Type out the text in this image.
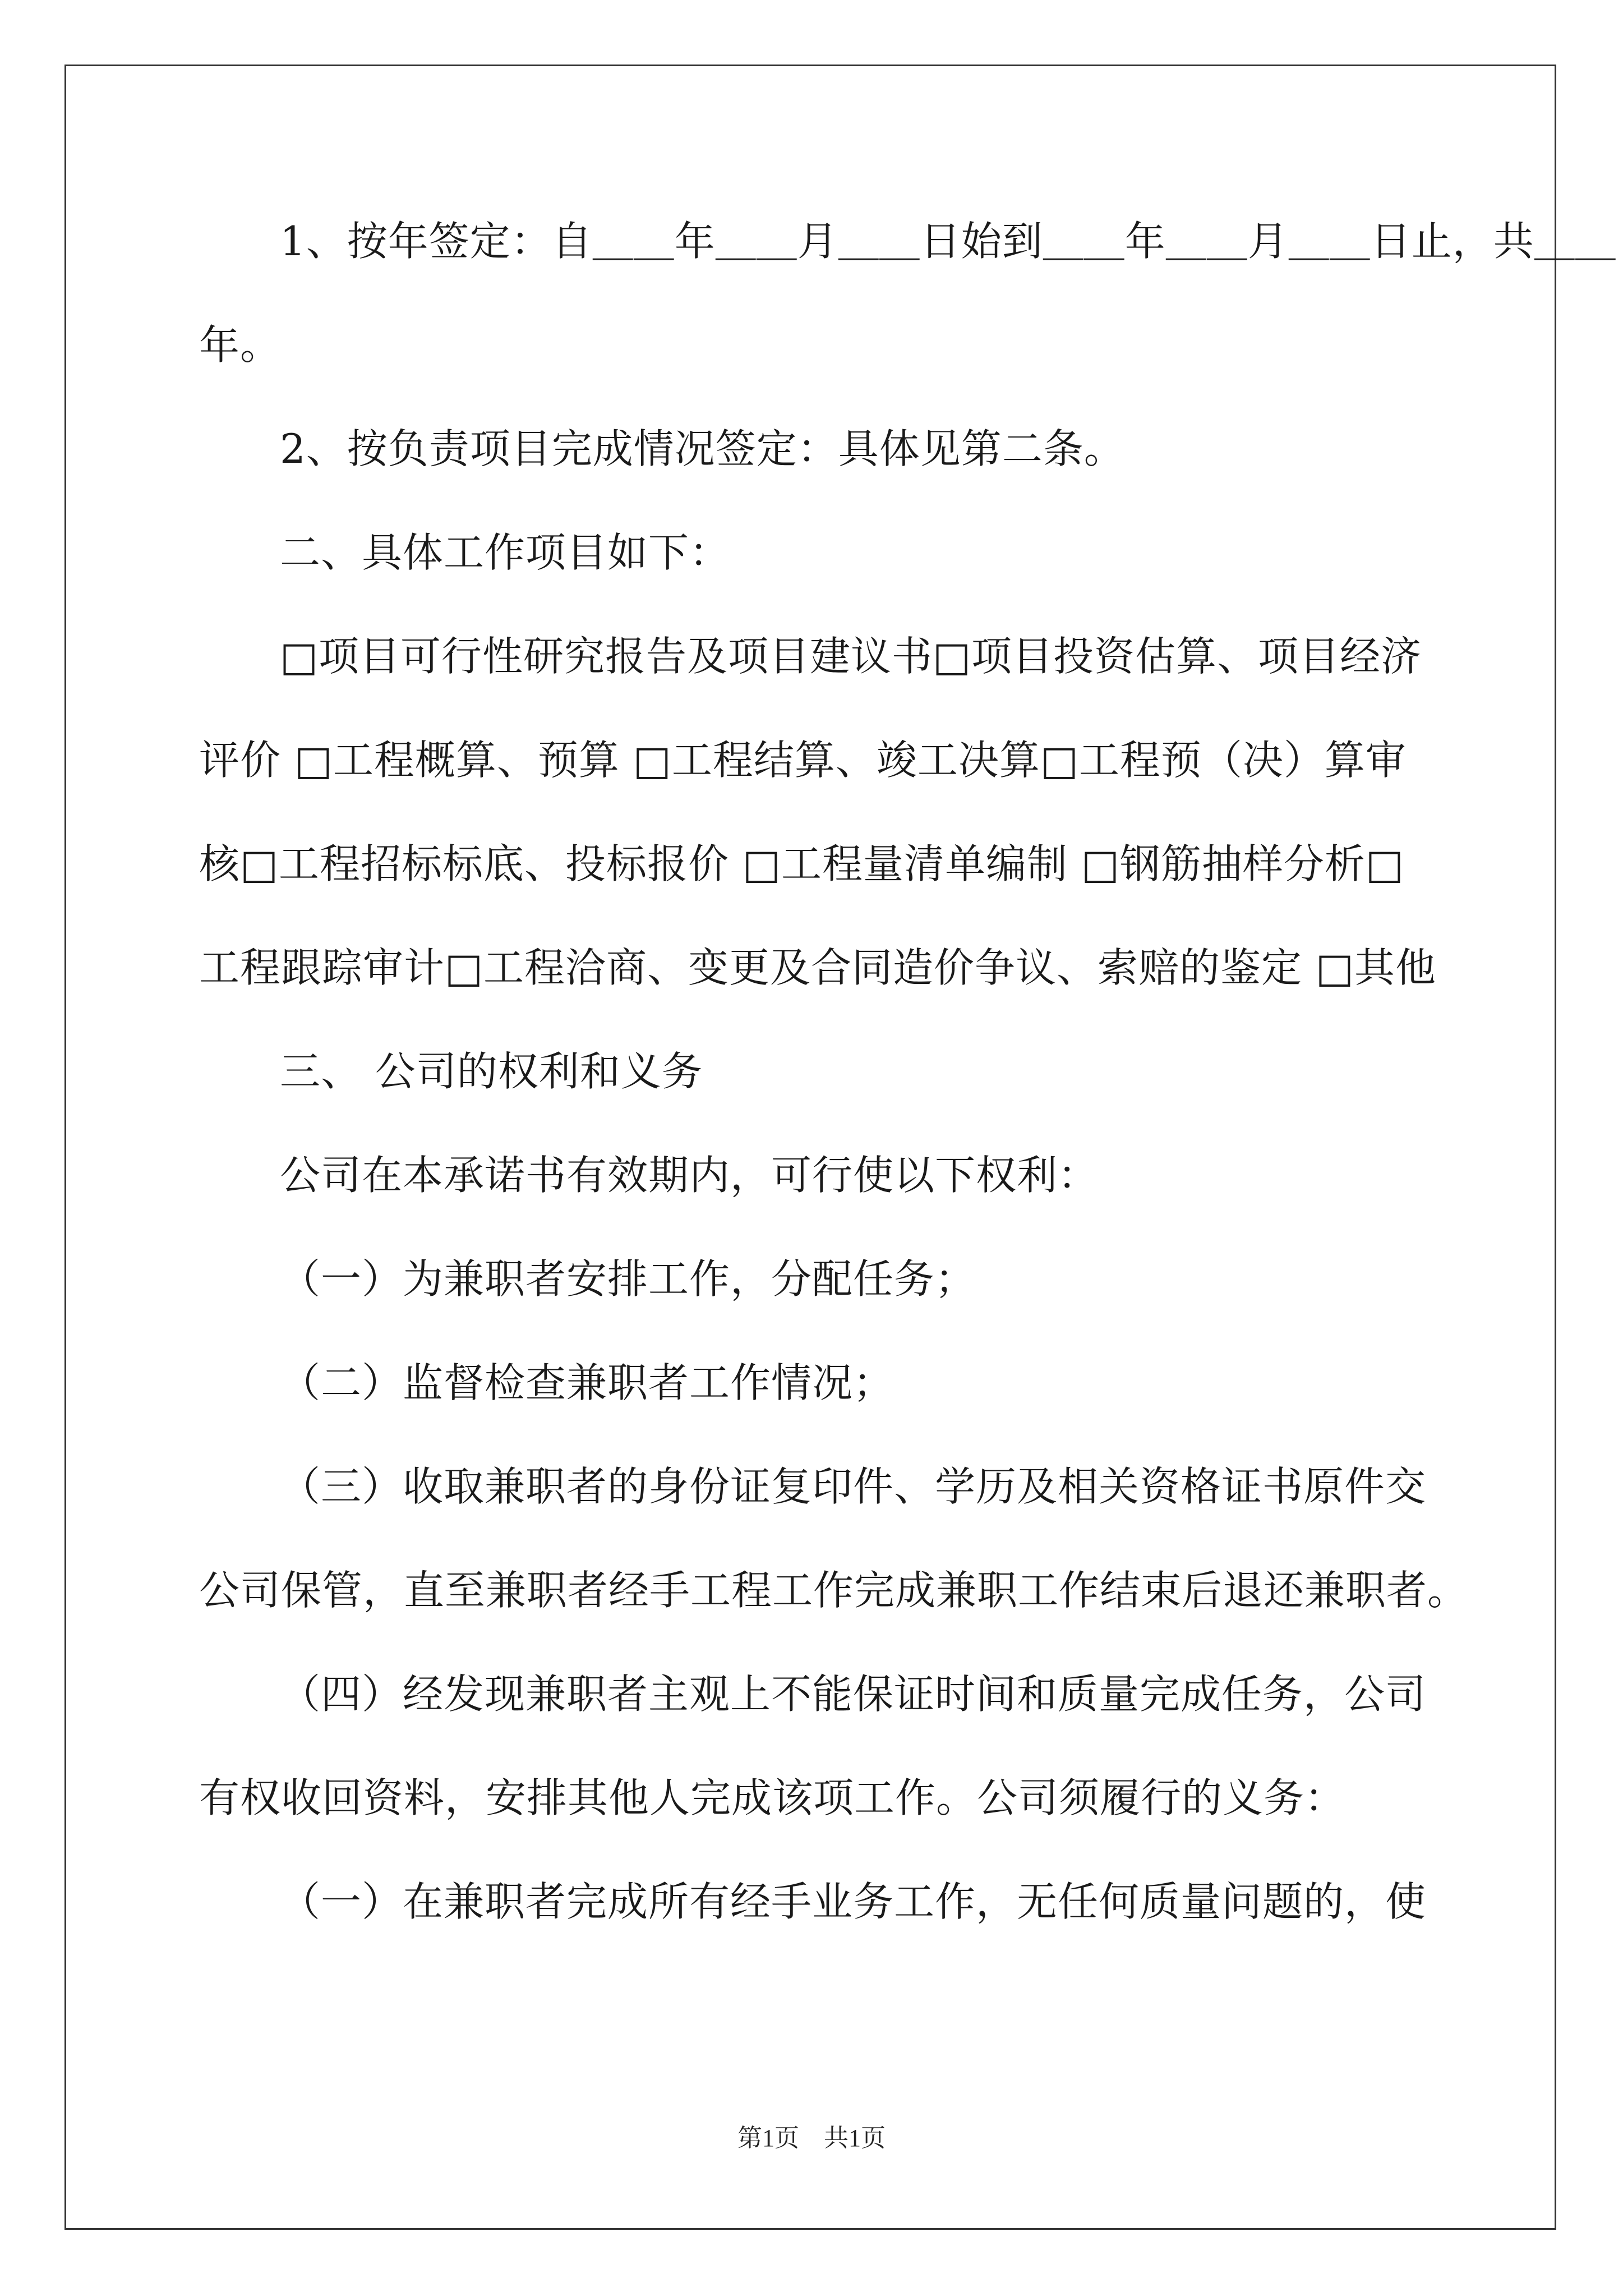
1、按年签定：自＿＿年＿＿月＿＿日始到＿＿年＿＿月＿＿日止，共＿＿
年。
2、按负责项目完成情况签定：具体见第二条。
二、具体工作项目如下：
□项目可行性研究报告及项目建议书□项目投资估算、项目经济
评价 □工程概算、预算 □工程结算、竣工决算□工程预（决）算审
核□工程招标标底、投标报价 □工程量清单编制 □钢筋抽样分析□
工程跟踪审计□工程洽商、变更及合同造价争议、索赔的鉴定 □其他
三、 公司的权利和义务
公司在本承诺书有效期内，可行使以下权利：
（一）为兼职者安排工作，分配任务；
（二）监督检查兼职者工作情况；
（三）收取兼职者的身份证复印件、学历及相关资格证书原件交
公司保管，直至兼职者经手工程工作完成兼职工作结束后退还兼职者。
（四）经发现兼职者主观上不能保证时间和质量完成任务，公司
有权收回资料，安排其他人完成该项工作。公司须履行的义务：
（一）在兼职者完成所有经手业务工作，无任何质量问题的，使
第1页　共1页
